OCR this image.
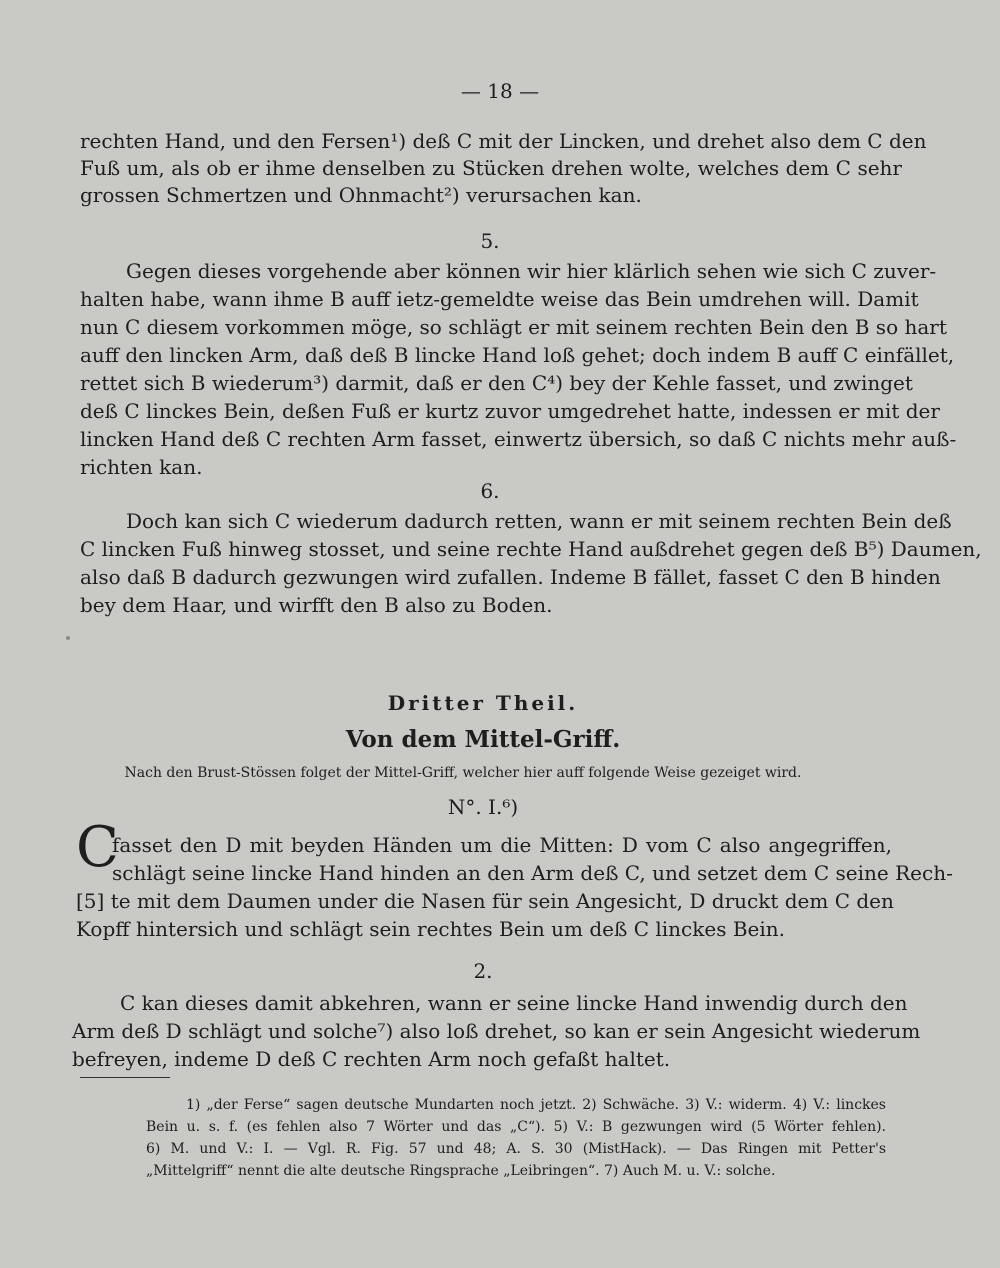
— 18 —

rechten Hand, und den Fersen¹) deß C mit der Lincken, und drehet also dem C den

Fuß um, als ob er ihme denselben zu Stücken drehen wolte, welches dem C sehr

grossen Schmertzen und Ohnmacht²) verursachen kan.

5.

Gegen dieses vorgehende aber können wir hier klärlich sehen wie sich C zuver-

halten habe, wann ihme B auff ietz-gemeldte weise das Bein umdrehen will. Damit

nun C diesem vorkommen möge, so schlägt er mit seinem rechten Bein den B so hart

auff den lincken Arm, daß deß B lincke Hand loß gehet; doch indem B auff C einfället,

rettet sich B wiederum³) darmit, daß er den C⁴) bey der Kehle fasset, und zwinget

deß C linckes Bein, deßen Fuß er kurtz zuvor umgedrehet hatte, indessen er mit der

lincken Hand deß C rechten Arm fasset, einwertz übersich, so daß C nichts mehr auß-

richten kan.

6.

Doch kan sich C wiederum dadurch retten, wann er mit seinem rechten Bein deß

C lincken Fuß hinweg stosset, und seine rechte Hand außdrehet gegen deß B⁵) Daumen,

also daß B dadurch gezwungen wird zufallen. Indeme B fället, fasset C den B hinden

bey dem Haar, und wirfft den B also zu Boden.

Dritter Theil.

Von dem Mittel-Griff.

Nach den Brust-Stössen folget der Mittel-Griff, welcher hier auff folgende Weise gezeiget wird.

N°. I.⁶)

C

fasset den D mit beyden Händen um die Mitten: D vom C also angegriffen,

schlägt seine lincke Hand hinden an den Arm deß C, und setzet dem C seine Rech-

[5] te mit dem Daumen under die Nasen für sein Angesicht, D druckt dem C den

Kopff hintersich und schlägt sein rechtes Bein um deß C linckes Bein.

2.

C kan dieses damit abkehren, wann er seine lincke Hand inwendig durch den

Arm deß D schlägt und solche⁷) also loß drehet, so kan er sein Angesicht wiederum

befreyen, indeme D deß C rechten Arm noch gefaßt haltet.

1) „der Ferse“ sagen deutsche Mundarten noch jetzt. 2) Schwäche. 3) V.: widerm. 4) V.: linckes

Bein u. s. f. (es fehlen also 7 Wörter und das „C“). 5) V.: B gezwungen wird (5 Wörter fehlen).

6) M. und V.: I. — Vgl. R. Fig. 57 und 48; A. S. 30 (MistHack). — Das Ringen mit Petter's

„Mittelgriff“ nennt die alte deutsche Ringsprache „Leibringen“. 7) Auch M. u. V.: solche.
